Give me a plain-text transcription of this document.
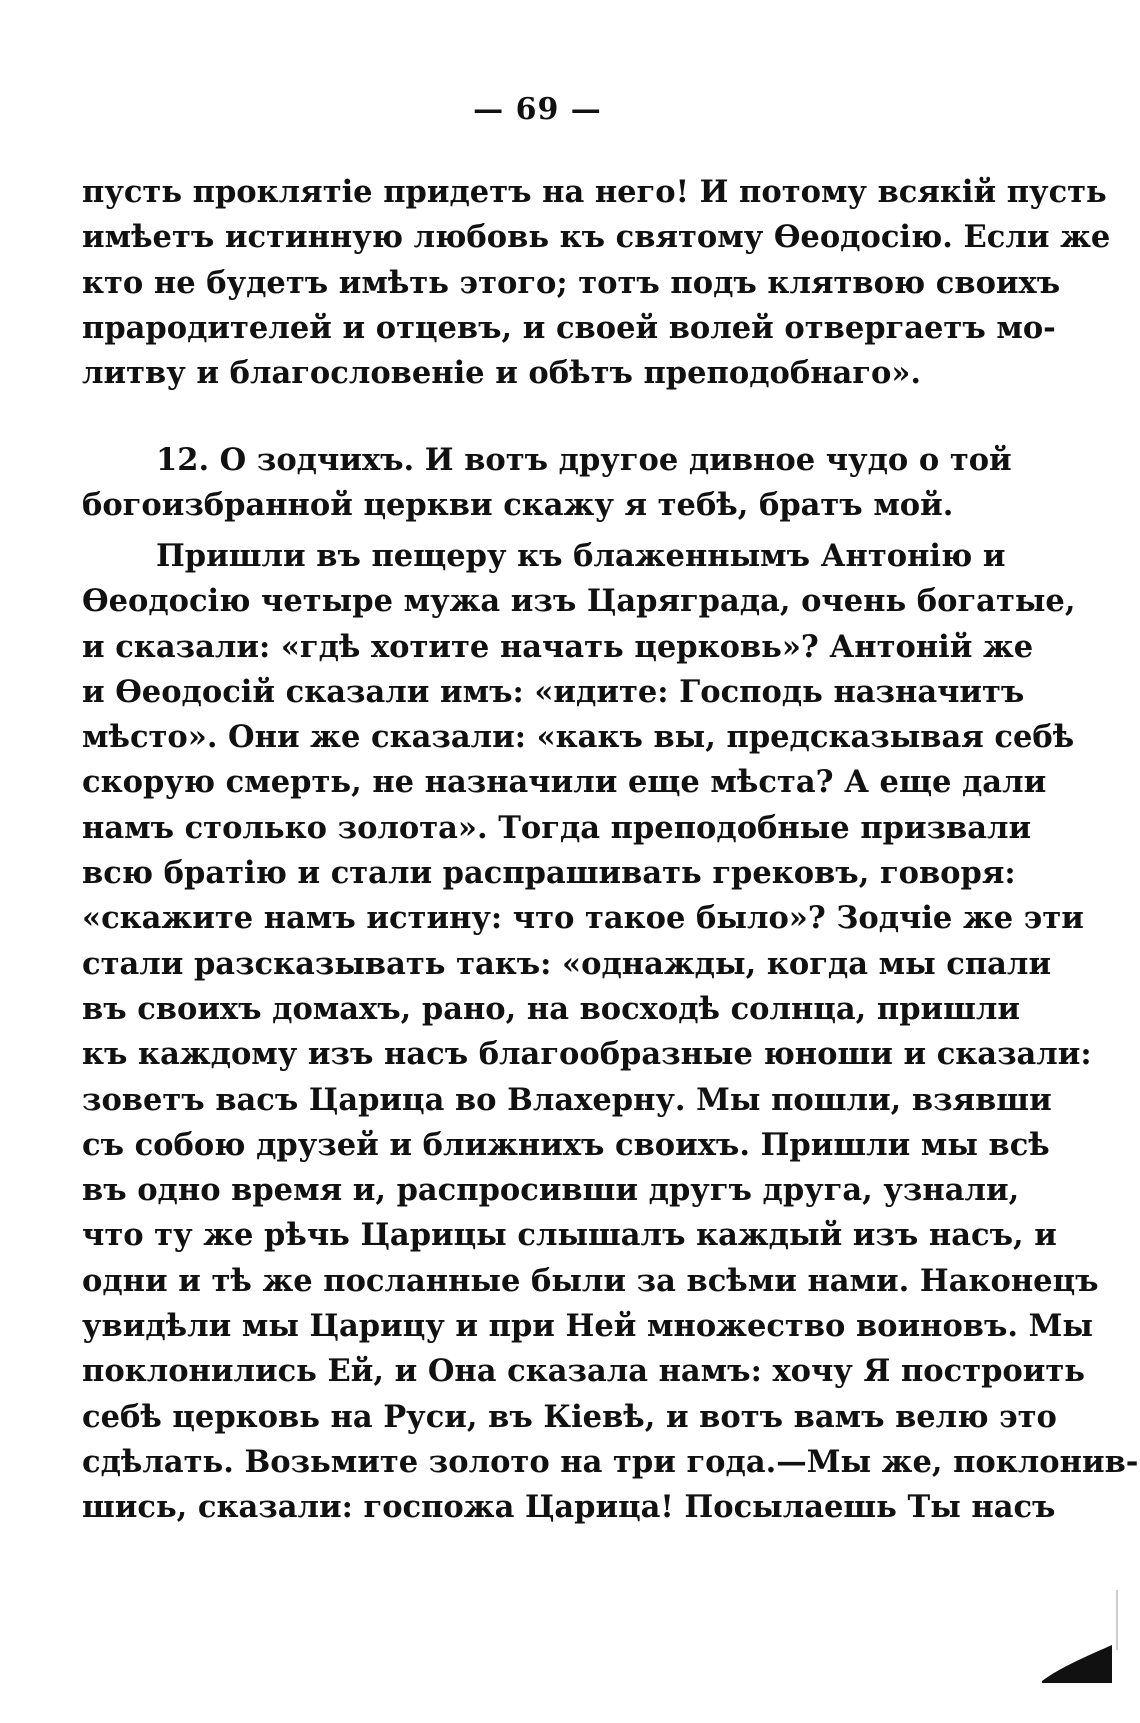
— 69 —
пусть проклятіе придетъ на него! И потому всякій пусть
имѣетъ истинную любовь къ святому Ѳеодосію. Если же
кто не будетъ имѣть этого; тотъ подъ клятвою своихъ
прародителей и отцевъ, и своей волей отвергаетъ мо-
литву и благословеніе и обѣтъ преподобнаго».
12. О зодчихъ. И вотъ другое дивное чудо о той
богоизбранной церкви скажу я тебѣ, братъ мой.
Пришли въ пещеру къ блаженнымъ Антонію и
Ѳеодосію четыре мужа изъ Царяграда, очень богатые,
и сказали: «гдѣ хотите начать церковь»? Антоній же
и Ѳеодосій сказали имъ: «идите: Господь назначитъ
мѣсто». Они же сказали: «какъ вы, предсказывая себѣ
скорую смерть, не назначили еще мѣста? А еще дали
намъ столько золота». Тогда преподобные призвали
всю братію и стали распрашивать грековъ, говоря:
«скажите намъ истину: что такое было»? Зодчіе же эти
стали разсказывать такъ: «однажды, когда мы спали
въ своихъ домахъ, рано, на восходѣ солнца, пришли
къ каждому изъ насъ благообразные юноши и сказали:
зоветъ васъ Царица во Влахерну. Мы пошли, взявши
съ собою друзей и ближнихъ своихъ. Пришли мы всѣ
въ одно время и, распросивши другъ друга, узнали,
что ту же рѣчь Царицы слышалъ каждый изъ насъ, и
одни и тѣ же посланные были за всѣми нами. Наконецъ
увидѣли мы Царицу и при Ней множество воиновъ. Мы
поклонились Ей, и Она сказала намъ: хочу Я построить
себѣ церковь на Руси, въ Кіевѣ, и вотъ вамъ велю это
сдѣлать. Возьмите золото на три года.—Мы же, поклонив-
шись, сказали: госпожа Царица! Посылаешь Ты насъ
